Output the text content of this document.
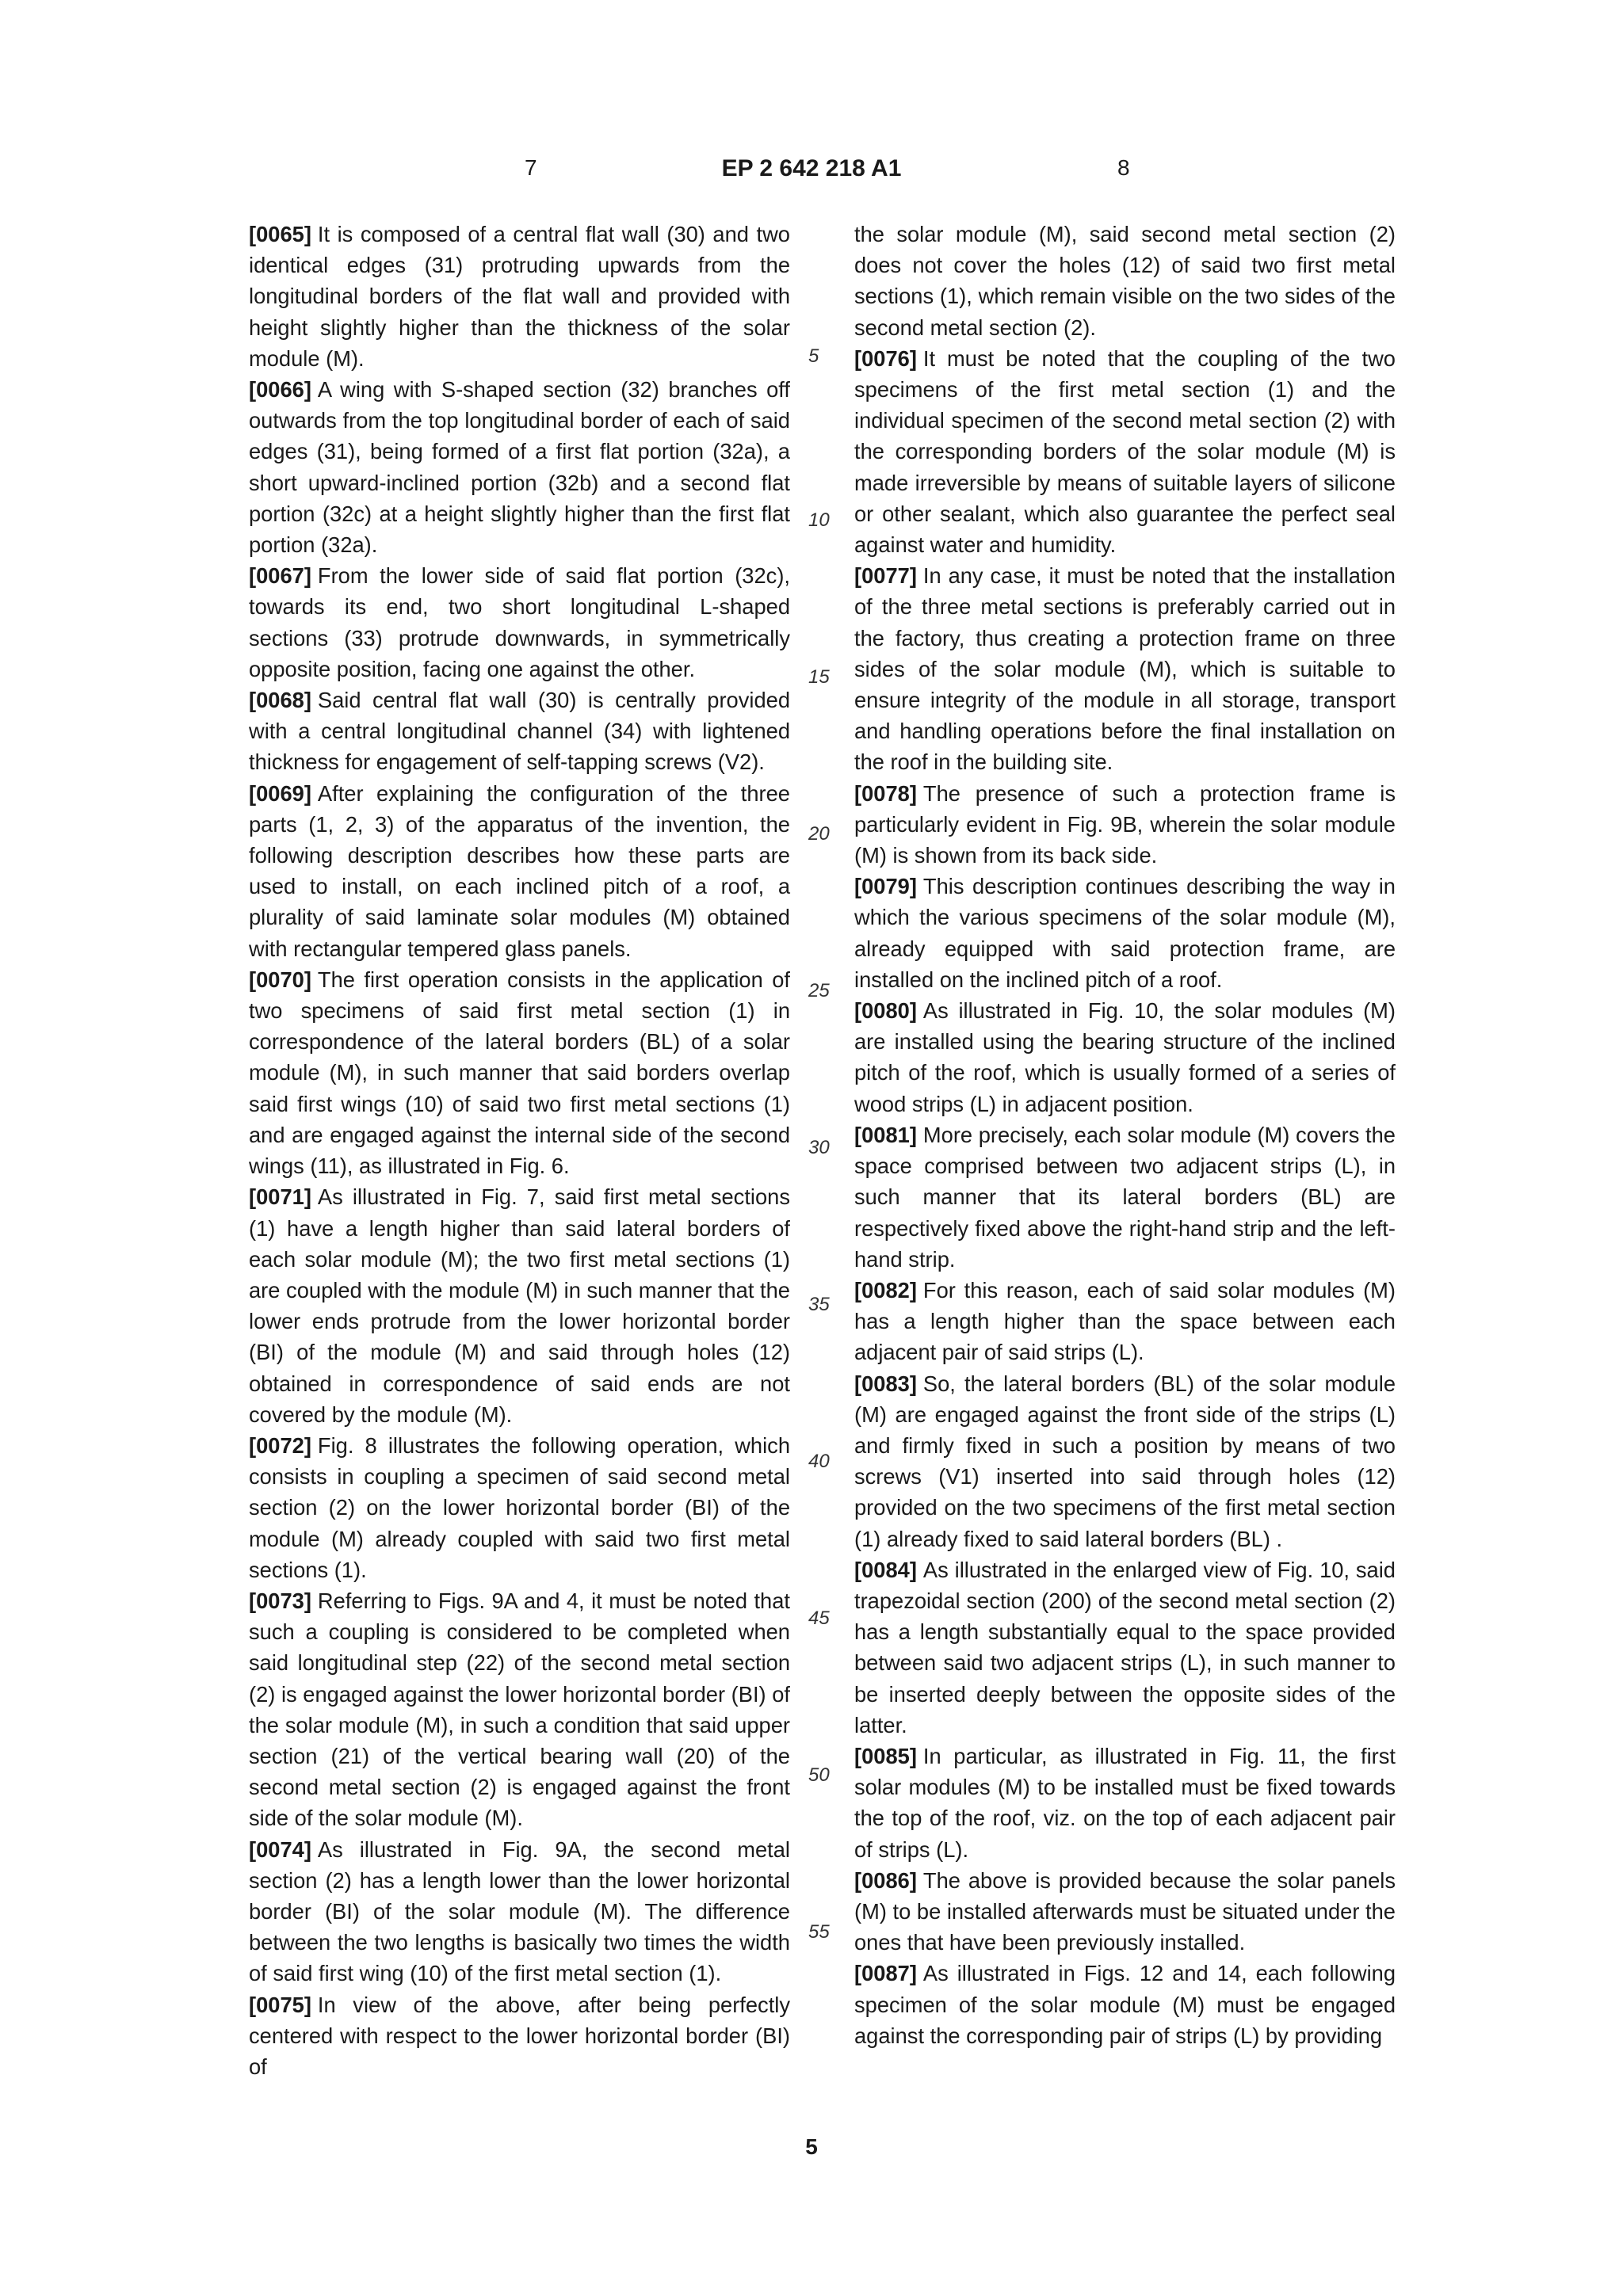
7	EP 2 642 218 A1	8

[0065] It is composed of a central flat wall (30) and two identical edges (31) protruding upwards from the longitudinal borders of the flat wall and provided with height slightly higher than the thickness of the solar module (M).

[0066] A wing with S-shaped section (32) branches off outwards from the top longitudinal border of each of said edges (31), being formed of a first flat portion (32a), a short upward-inclined portion (32b) and a second flat portion (32c) at a height slightly higher than the first flat portion (32a).

[0067] From the lower side of said flat portion (32c), towards its end, two short longitudinal L-shaped sections (33) protrude downwards, in symmetrically opposite position, facing one against the other.

[0068] Said central flat wall (30) is centrally provided with a central longitudinal channel (34) with lightened thickness for engagement of self-tapping screws (V2).

[0069] After explaining the configuration of the three parts (1, 2, 3) of the apparatus of the invention, the following description describes how these parts are used to install, on each inclined pitch of a roof, a plurality of said laminate solar modules (M) obtained with rectangular tempered glass panels.

[0070] The first operation consists in the application of two specimens of said first metal section (1) in correspondence of the lateral borders (BL) of a solar module (M), in such manner that said borders overlap said first wings (10) of said two first metal sections (1) and are engaged against the internal side of the second wings (11), as illustrated in Fig. 6.

[0071] As illustrated in Fig. 7, said first metal sections (1) have a length higher than said lateral borders of each solar module (M); the two first metal sections (1) are coupled with the module (M) in such manner that the lower ends protrude from the lower horizontal border (BI) of the module (M) and said through holes (12) obtained in correspondence of said ends are not covered by the module (M).

[0072] Fig. 8 illustrates the following operation, which consists in coupling a specimen of said second metal section (2) on the lower horizontal border (BI) of the module (M) already coupled with said two first metal sections (1).

[0073] Referring to Figs. 9A and 4, it must be noted that such a coupling is considered to be completed when said longitudinal step (22) of the second metal section (2) is engaged against the lower horizontal border (BI) of the solar module (M), in such a condition that said upper section (21) of the vertical bearing wall (20) of the second metal section (2) is engaged against the front side of the solar module (M).

[0074] As illustrated in Fig. 9A, the second metal section (2) has a length lower than the lower horizontal border (BI) of the solar module (M). The difference between the two lengths is basically two times the width of said first wing (10) of the first metal section (1).

[0075] In view of the above, after being perfectly centered with respect to the lower horizontal border (BI) of

5
10
15
20
25
30
35
40
45
50
55

the solar module (M), said second metal section (2) does not cover the holes (12) of said two first metal sections (1), which remain visible on the two sides of the second metal section (2).

[0076] It must be noted that the coupling of the two specimens of the first metal section (1) and the individual specimen of the second metal section (2) with the corresponding borders of the solar module (M) is made irreversible by means of suitable layers of silicone or other sealant, which also guarantee the perfect seal against water and humidity.

[0077] In any case, it must be noted that the installation of the three metal sections is preferably carried out in the factory, thus creating a protection frame on three sides of the solar module (M), which is suitable to ensure integrity of the module in all storage, transport and handling operations before the final installation on the roof in the building site.

[0078] The presence of such a protection frame is particularly evident in Fig. 9B, wherein the solar module (M) is shown from its back side.

[0079] This description continues describing the way in which the various specimens of the solar module (M), already equipped with said protection frame, are installed on the inclined pitch of a roof.

[0080] As illustrated in Fig. 10, the solar modules (M) are installed using the bearing structure of the inclined pitch of the roof, which is usually formed of a series of wood strips (L) in adjacent position.

[0081] More precisely, each solar module (M) covers the space comprised between two adjacent strips (L), in such manner that its lateral borders (BL) are respectively fixed above the right-hand strip and the left-hand strip.

[0082] For this reason, each of said solar modules (M) has a length higher than the space between each adjacent pair of said strips (L).

[0083] So, the lateral borders (BL) of the solar module (M) are engaged against the front side of the strips (L) and firmly fixed in such a position by means of two screws (V1) inserted into said through holes (12) provided on the two specimens of the first metal section (1) already fixed to said lateral borders (BL) .

[0084] As illustrated in the enlarged view of Fig. 10, said trapezoidal section (200) of the second metal section (2) has a length substantially equal to the space provided between said two adjacent strips (L), in such manner to be inserted deeply between the opposite sides of the latter.

[0085] In particular, as illustrated in Fig. 11, the first solar modules (M) to be installed must be fixed towards the top of the roof, viz. on the top of each adjacent pair of strips (L).

[0086] The above is provided because the solar panels (M) to be installed afterwards must be situated under the ones that have been previously installed.

[0087] As illustrated in Figs. 12 and 14, each following specimen of the solar module (M) must be engaged against the corresponding pair of strips (L) by providing

5
